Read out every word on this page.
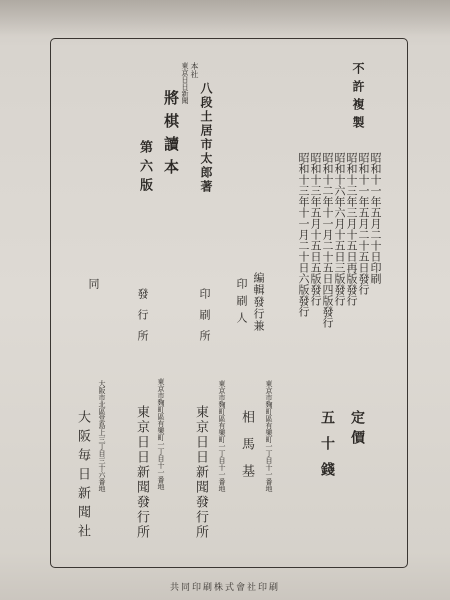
不許複製
昭和十一年五月二十日印刷
昭和十一年五月二十五日發行
昭和十三年三月十五日再版發行
昭和十六年六月十五日三版發行
昭和十二年十一月二十五日四版發行
昭和十三年五月十五日五版發行
昭和十三年十一月二十日六版發行
定價
五十錢
本社
東京日日新聞 八段土居市太郎著
將棋讀本
第六版
編輯發行兼
印刷人
印刷所
發行所
同
東京市麴町區有樂町一丁目十一番地
相馬基
東京市麴町區有樂町一丁目十一番地
東京日日新聞發行所
東京市麴町區有樂町一丁目十一番地
東京日日新聞發行所
大阪市北區堂島上三丁目三十六番地
大阪毎日新聞社
共同印刷株式會社印刷
